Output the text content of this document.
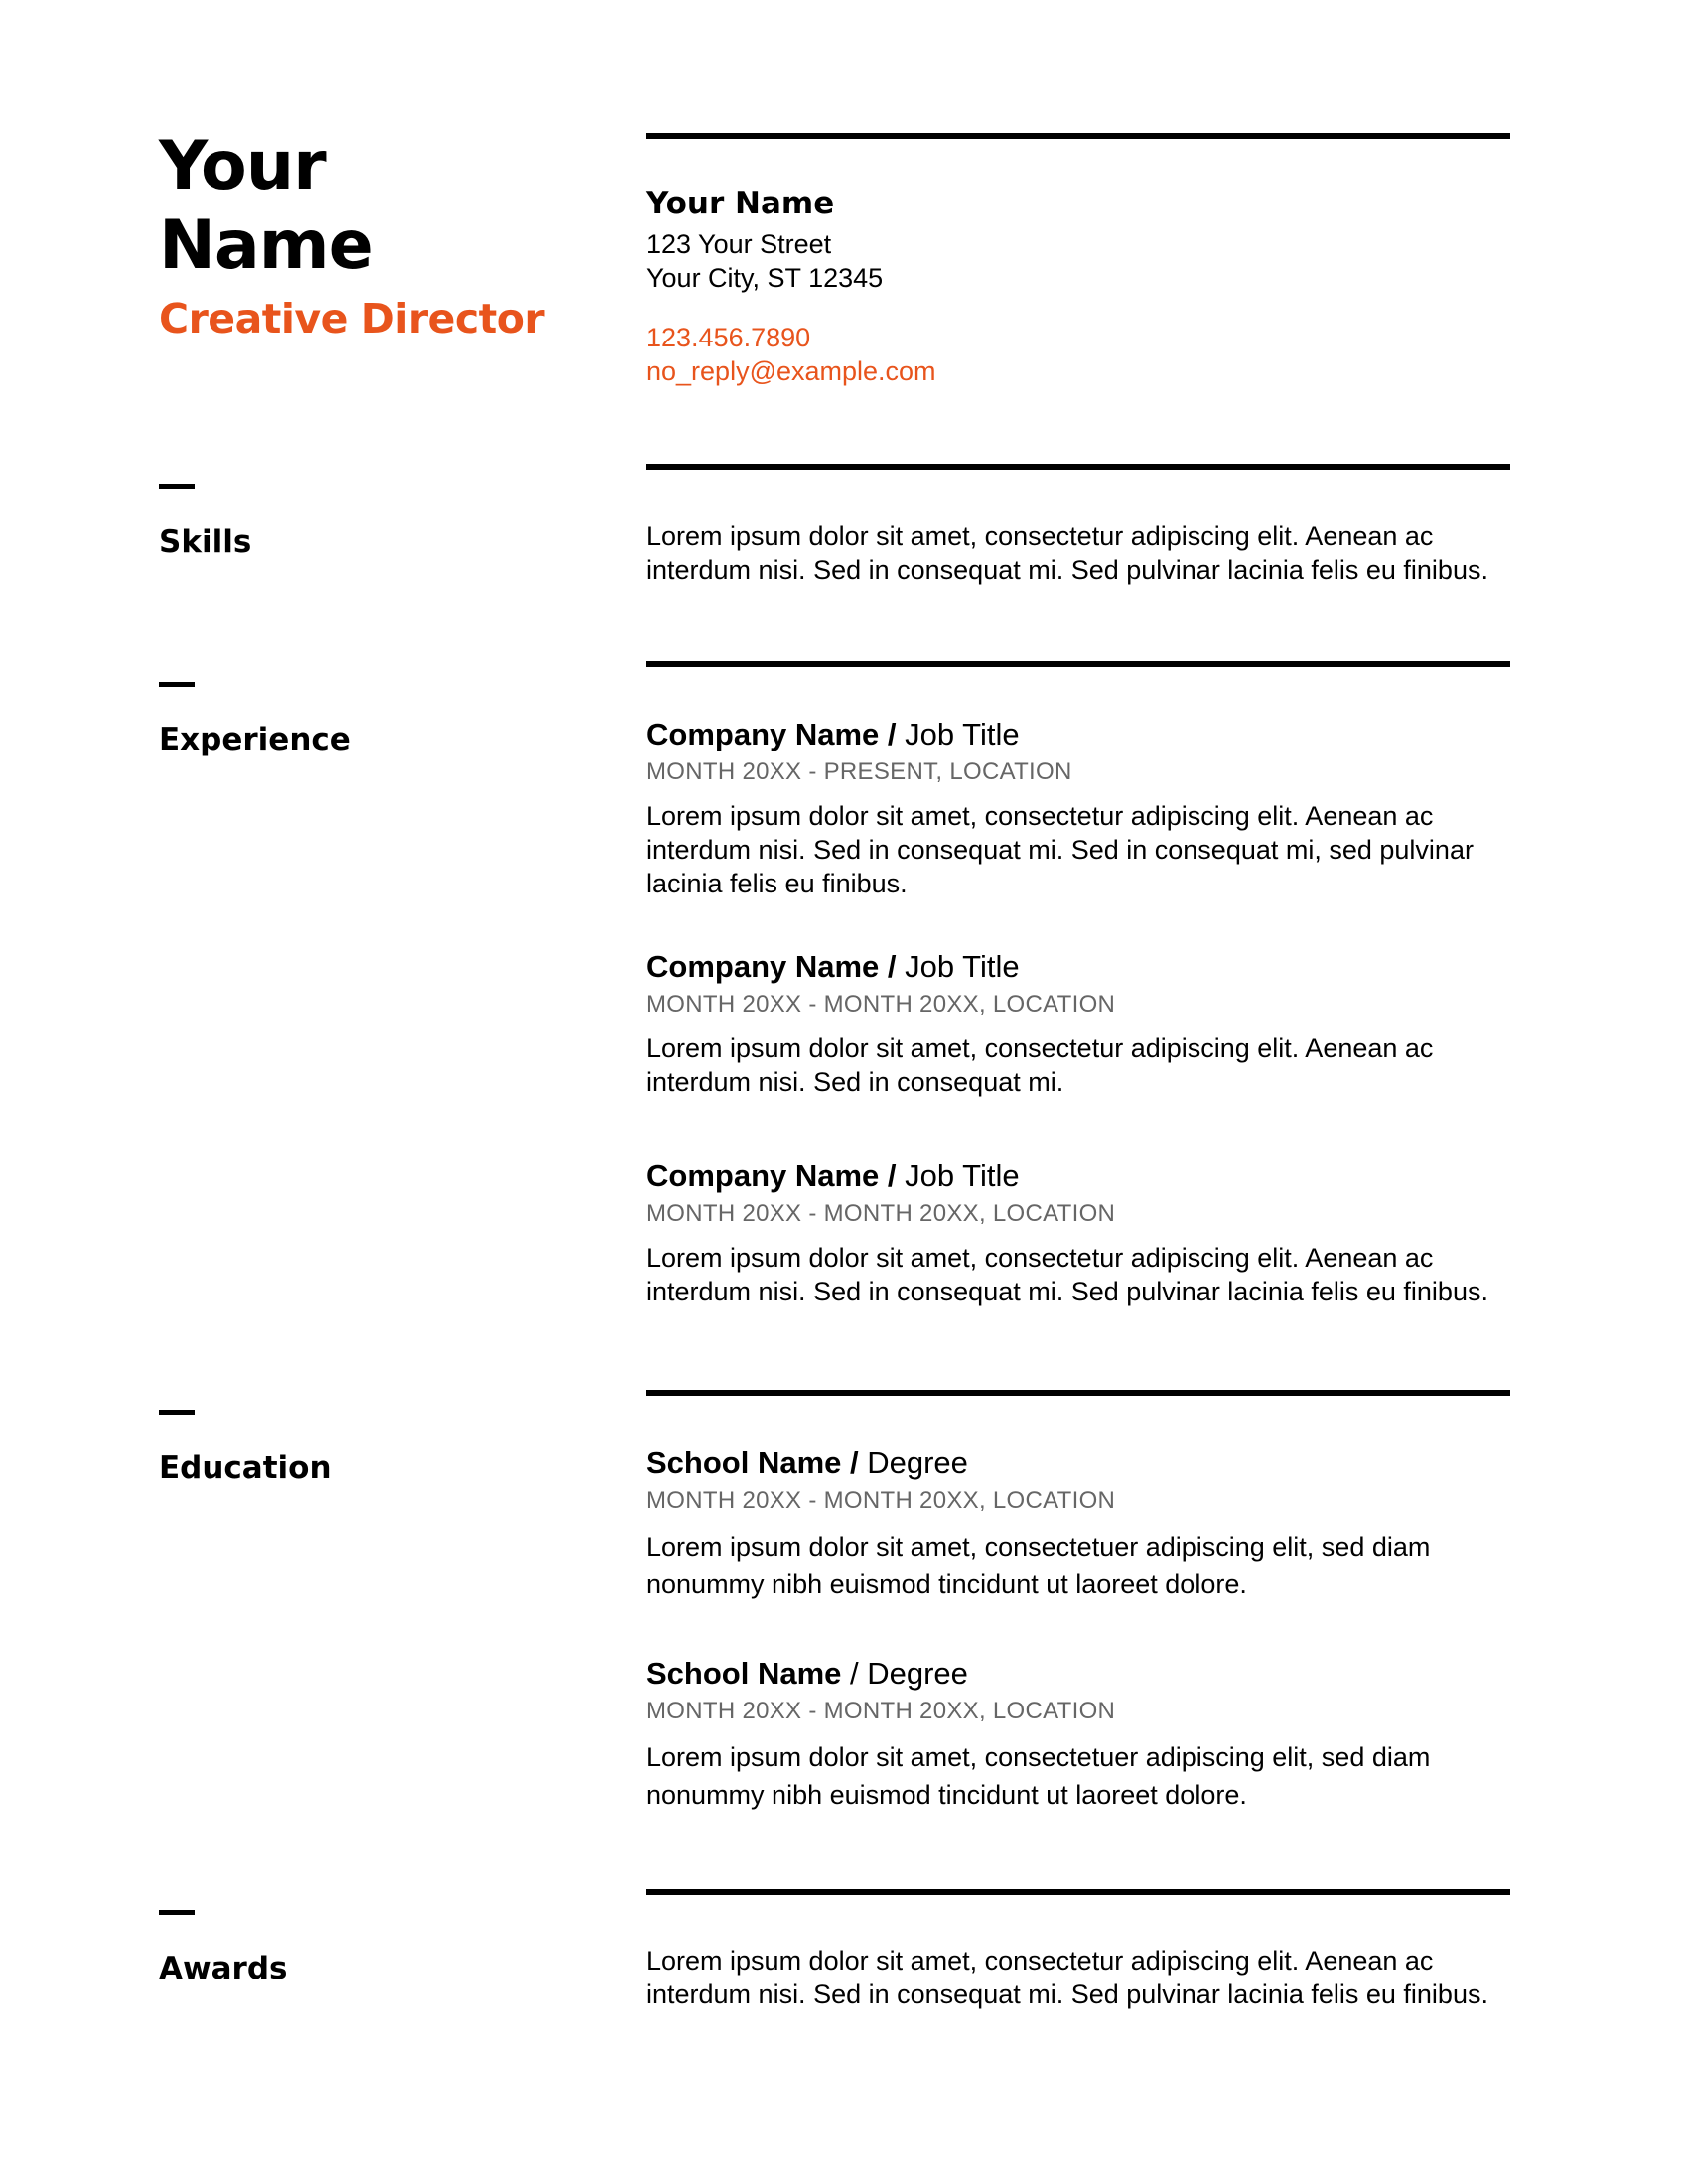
Your
Name
Creative Director
Your Name
123 Your Street
Your City, ST 12345
123.456.7890
no_reply@example.com
Skills	Lorem ipsum dolor sit amet, consectetur adipiscing elit. Aenean ac interdum nisi. Sed in consequat mi. Sed pulvinar lacinia felis eu finibus.
Experience	Company Name / Job Title
MONTH 20XX - PRESENT, LOCATION
Lorem ipsum dolor sit amet, consectetur adipiscing elit. Aenean ac interdum nisi. Sed in consequat mi. Sed in consequat mi, sed pulvinar lacinia felis eu finibus.
Company Name / Job Title
MONTH 20XX - MONTH 20XX, LOCATION
Lorem ipsum dolor sit amet, consectetur adipiscing elit. Aenean ac interdum nisi. Sed in consequat mi.
Company Name / Job Title
MONTH 20XX - MONTH 20XX, LOCATION
Lorem ipsum dolor sit amet, consectetur adipiscing elit. Aenean ac interdum nisi. Sed in consequat mi. Sed pulvinar lacinia felis eu finibus.
Education	School Name / Degree
MONTH 20XX - MONTH 20XX, LOCATION
Lorem ipsum dolor sit amet, consectetuer adipiscing elit, sed diam nonummy nibh euismod tincidunt ut laoreet dolore.
School Name / Degree
MONTH 20XX - MONTH 20XX, LOCATION
Lorem ipsum dolor sit amet, consectetuer adipiscing elit, sed diam nonummy nibh euismod tincidunt ut laoreet dolore.
Awards	Lorem ipsum dolor sit amet, consectetur adipiscing elit. Aenean ac interdum nisi. Sed in consequat mi. Sed pulvinar lacinia felis eu finibus.
